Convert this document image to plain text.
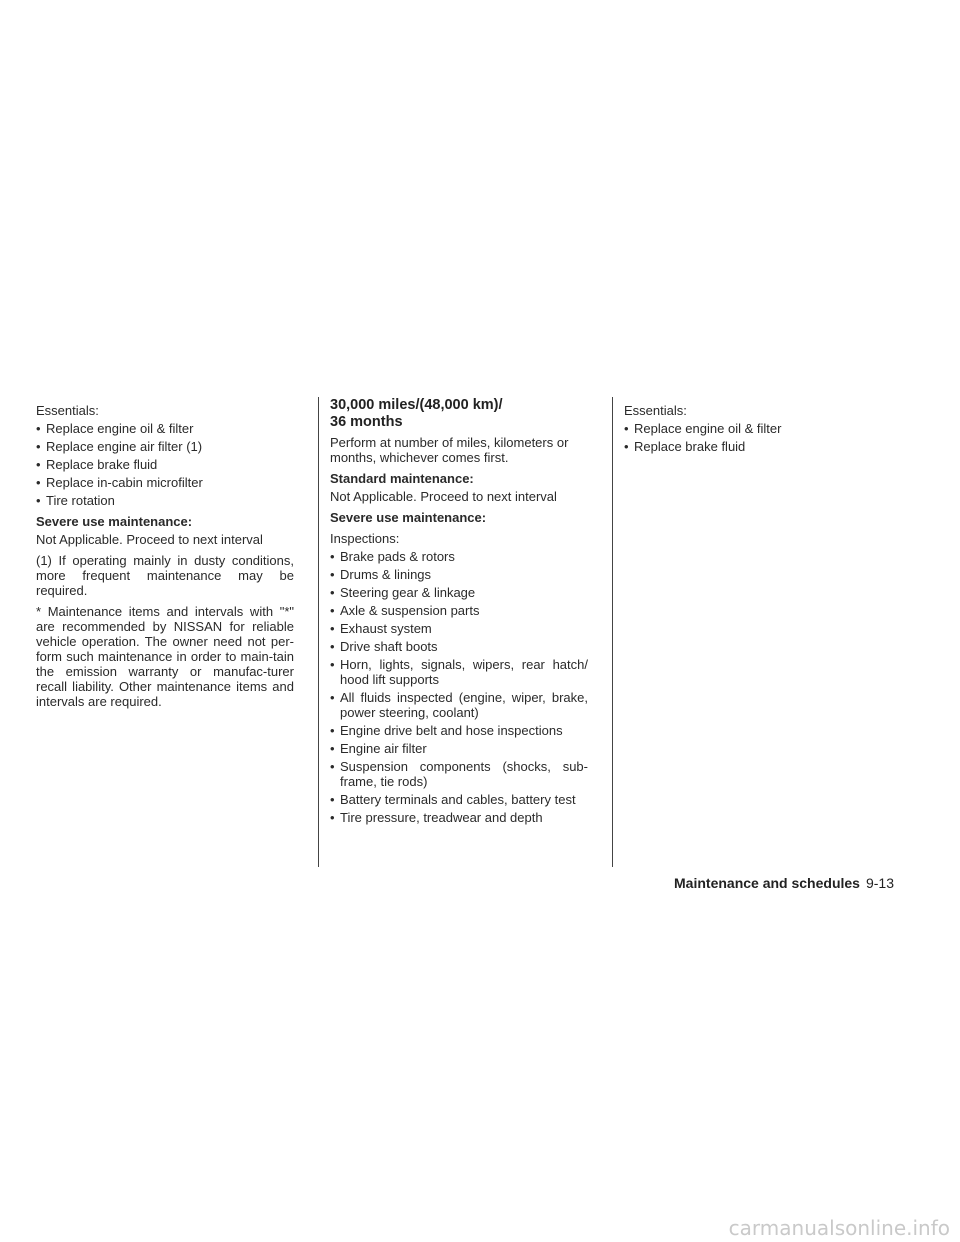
Essentials:

• Replace engine oil & filter

• Replace engine air filter (1)

• Replace brake fluid

• Replace in-cabin microfilter

• Tire rotation

Severe use maintenance:

Not Applicable. Proceed to next interval

(1) If operating mainly in dusty conditions, more frequent maintenance may be required.

* Maintenance items and intervals with "*" are recommended by NISSAN for reliable vehicle operation. The owner need not per-form such maintenance in order to main-tain the emission warranty or manufac-turer recall liability. Other maintenance items and intervals are required.

30,000 miles/(48,000 km)/
36 months

Perform at number of miles, kilometers or months, whichever comes first.

Standard maintenance:

Not Applicable. Proceed to next interval

Severe use maintenance:

Inspections:

• Brake pads & rotors

• Drums & linings

• Steering gear & linkage

• Axle & suspension parts

• Exhaust system

• Drive shaft boots

• Horn, lights, signals, wipers, rear hatch/ hood lift supports

• All fluids inspected (engine, wiper, brake, power steering, coolant)

• Engine drive belt and hose inspections

• Engine air filter

• Suspension components (shocks, sub-frame, tie rods)

• Battery terminals and cables, battery test

• Tire pressure, treadwear and depth

Essentials:

• Replace engine oil & filter

• Replace brake fluid

Maintenance and schedules 9-13
carmanualsonline.info
